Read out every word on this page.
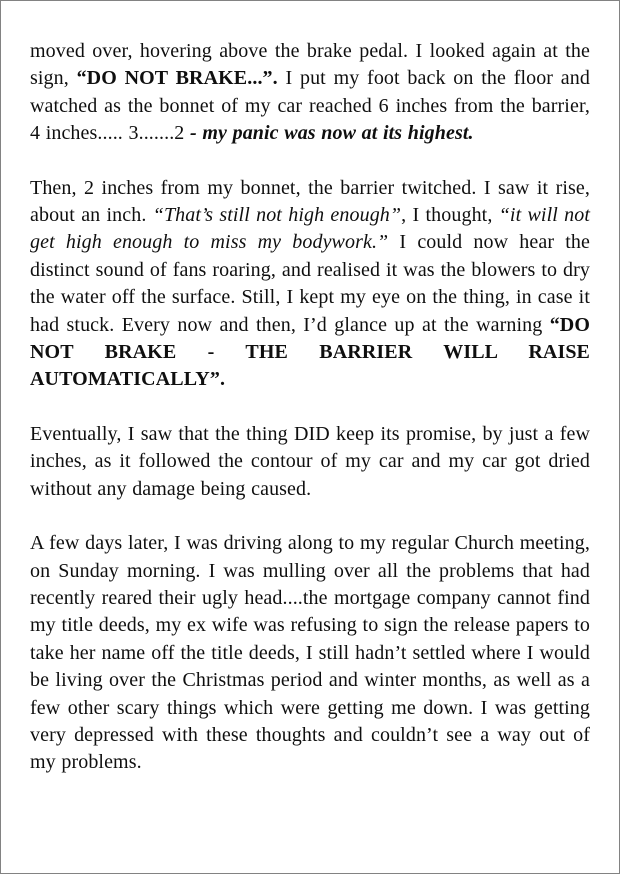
moved over, hovering above the brake pedal. I looked again at the sign, “DO NOT BRAKE...”. I put my foot back on the floor and watched as the bonnet of my car reached 6 inches from the barrier, 4 inches..... 3.......2 - my panic was now at its highest.

Then, 2 inches from my bonnet, the barrier twitched. I saw it rise, about an inch. “That’s still not high enough”, I thought, “it will not get high enough to miss my bodywork.” I could now hear the distinct sound of fans roaring, and realised it was the blowers to dry the water off the surface. Still, I kept my eye on the thing, in case it had stuck. Every now and then, I’d glance up at the warning “DO NOT BRAKE - THE BARRIER WILL RAISE AUTOMATICALLY”.

Eventually, I saw that the thing DID keep its promise, by just a few inches, as it followed the contour of my car and my car got dried without any damage being caused.

A few days later, I was driving along to my regular Church meeting, on Sunday morning. I was mulling over all the problems that had recently reared their ugly head....the mortgage company cannot find my title deeds, my ex wife was refusing to sign the release papers to take her name off the title deeds, I still hadn’t settled where I would be living over the Christmas period and winter months, as well as a few other scary things which were getting me down. I was getting very depressed with these thoughts and couldn’t see a way out of my problems.
